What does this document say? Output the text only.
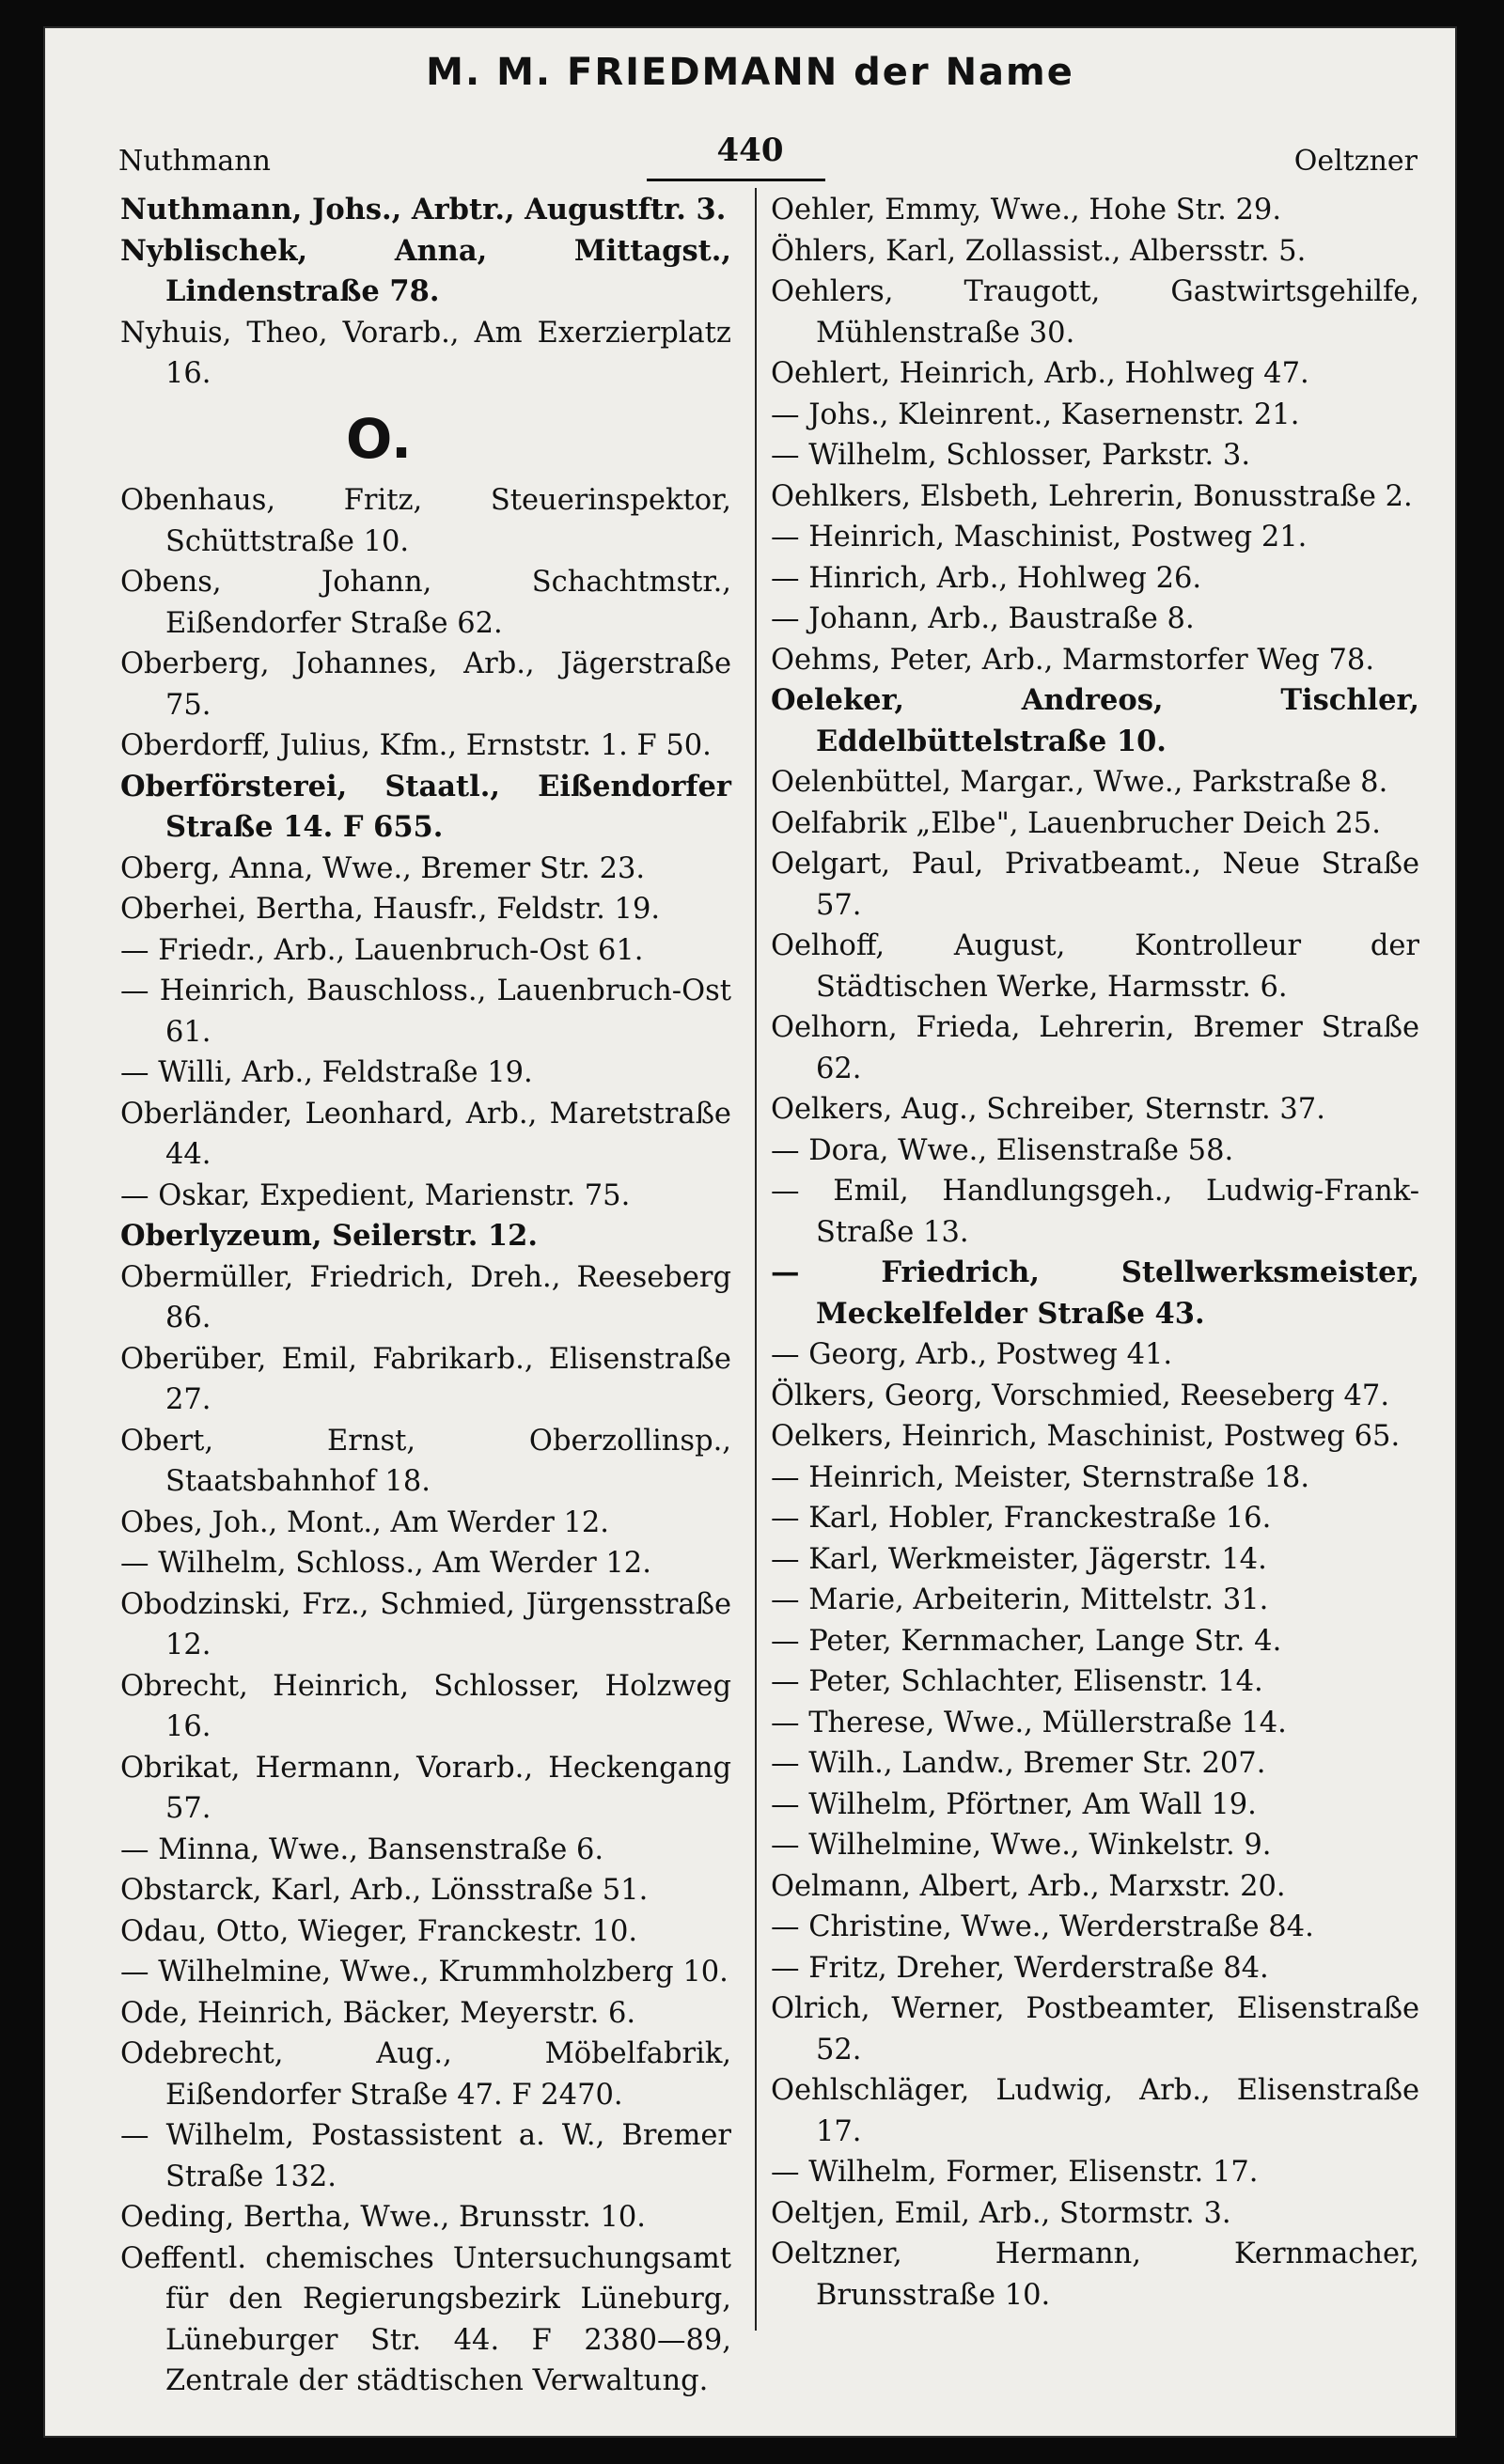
M. M. FRIEDMANN der Name
Nuthmann	440	Oeltzner

Nuthmann, Johs., Arbtr., Augustftr. 3.

Nyblischek, Anna, Mittagst., Lindenstraße 78.

Nyhuis, Theo, Vorarb., Am Exerzierplatz 16.

O.

Obenhaus, Fritz, Steuerinspektor, Schüttstraße 10.

Obens, Johann, Schachtmstr., Eißendorfer Straße 62.

Oberberg, Johannes, Arb., Jägerstraße 75.

Oberdorff, Julius, Kfm., Ernststr. 1. F 50.

Oberförsterei, Staatl., Eißendorfer Straße 14. F 655.

Oberg, Anna, Wwe., Bremer Str. 23.

Oberhei, Bertha, Hausfr., Feldstr. 19.

— Friedr., Arb., Lauenbruch-Ost 61.

— Heinrich, Bauschloss., Lauenbruch-Ost 61.

— Willi, Arb., Feldstraße 19.

Oberländer, Leonhard, Arb., Maretstraße 44.

— Oskar, Expedient, Marienstr. 75.

Oberlyzeum, Seilerstr. 12.

Obermüller, Friedrich, Dreh., Reeseberg 86.

Oberüber, Emil, Fabrikarb., Elisenstraße 27.

Obert, Ernst, Oberzollinsp., Staatsbahnhof 18.

Obes, Joh., Mont., Am Werder 12.

— Wilhelm, Schloss., Am Werder 12.

Obodzinski, Frz., Schmied, Jürgensstraße 12.

Obrecht, Heinrich, Schlosser, Holzweg 16.

Obrikat, Hermann, Vorarb., Heckengang 57.

— Minna, Wwe., Bansenstraße 6.

Obstarck, Karl, Arb., Lönsstraße 51.

Odau, Otto, Wieger, Franckestr. 10.

— Wilhelmine, Wwe., Krummholzberg 10.

Ode, Heinrich, Bäcker, Meyerstr. 6.

Odebrecht, Aug., Möbelfabrik, Eißendorfer Straße 47. F 2470.

— Wilhelm, Postassistent a. W., Bremer Straße 132.

Oeding, Bertha, Wwe., Brunsstr. 10.

Oeffentl. chemisches Untersuchungsamt für den Regierungsbezirk Lüneburg, Lüneburger Str. 44. F 2380—89, Zentrale der städtischen Verwaltung.

Oehler, Emmy, Wwe., Hohe Str. 29.

Öhlers, Karl, Zollassist., Albersstr. 5.

Oehlers, Traugott, Gastwirtsgehilfe, Mühlenstraße 30.

Oehlert, Heinrich, Arb., Hohlweg 47.

— Johs., Kleinrent., Kasernenstr. 21.

— Wilhelm, Schlosser, Parkstr. 3.

Oehlkers, Elsbeth, Lehrerin, Bonusstraße 2.

— Heinrich, Maschinist, Postweg 21.

— Hinrich, Arb., Hohlweg 26.

— Johann, Arb., Baustraße 8.

Oehms, Peter, Arb., Marmstorfer Weg 78.

Oeleker, Andreos, Tischler, Eddelbüttelstraße 10.

Oelenbüttel, Margar., Wwe., Parkstraße 8.

Oelfabrik „Elbe", Lauenbrucher Deich 25.

Oelgart, Paul, Privatbeamt., Neue Straße 57.

Oelhoff, August, Kontrolleur der Städtischen Werke, Harmsstr. 6.

Oelhorn, Frieda, Lehrerin, Bremer Straße 62.

Oelkers, Aug., Schreiber, Sternstr. 37.

— Dora, Wwe., Elisenstraße 58.

— Emil, Handlungsgeh., Ludwig-Frank-Straße 13.

— Friedrich, Stellwerksmeister, Meckelfelder Straße 43.

— Georg, Arb., Postweg 41.

Ölkers, Georg, Vorschmied, Reeseberg 47.

Oelkers, Heinrich, Maschinist, Postweg 65.

— Heinrich, Meister, Sternstraße 18.

— Karl, Hobler, Franckestraße 16.

— Karl, Werkmeister, Jägerstr. 14.

— Marie, Arbeiterin, Mittelstr. 31.

— Peter, Kernmacher, Lange Str. 4.

— Peter, Schlachter, Elisenstr. 14.

— Therese, Wwe., Müllerstraße 14.

— Wilh., Landw., Bremer Str. 207.

— Wilhelm, Pförtner, Am Wall 19.

— Wilhelmine, Wwe., Winkelstr. 9.

Oelmann, Albert, Arb., Marxstr. 20.

— Christine, Wwe., Werderstraße 84.

— Fritz, Dreher, Werderstraße 84.

Olrich, Werner, Postbeamter, Elisenstraße 52.

Oehlschläger, Ludwig, Arb., Elisenstraße 17.

— Wilhelm, Former, Elisenstr. 17.

Oeltjen, Emil, Arb., Stormstr. 3.

Oeltzner, Hermann, Kernmacher, Brunsstraße 10.
